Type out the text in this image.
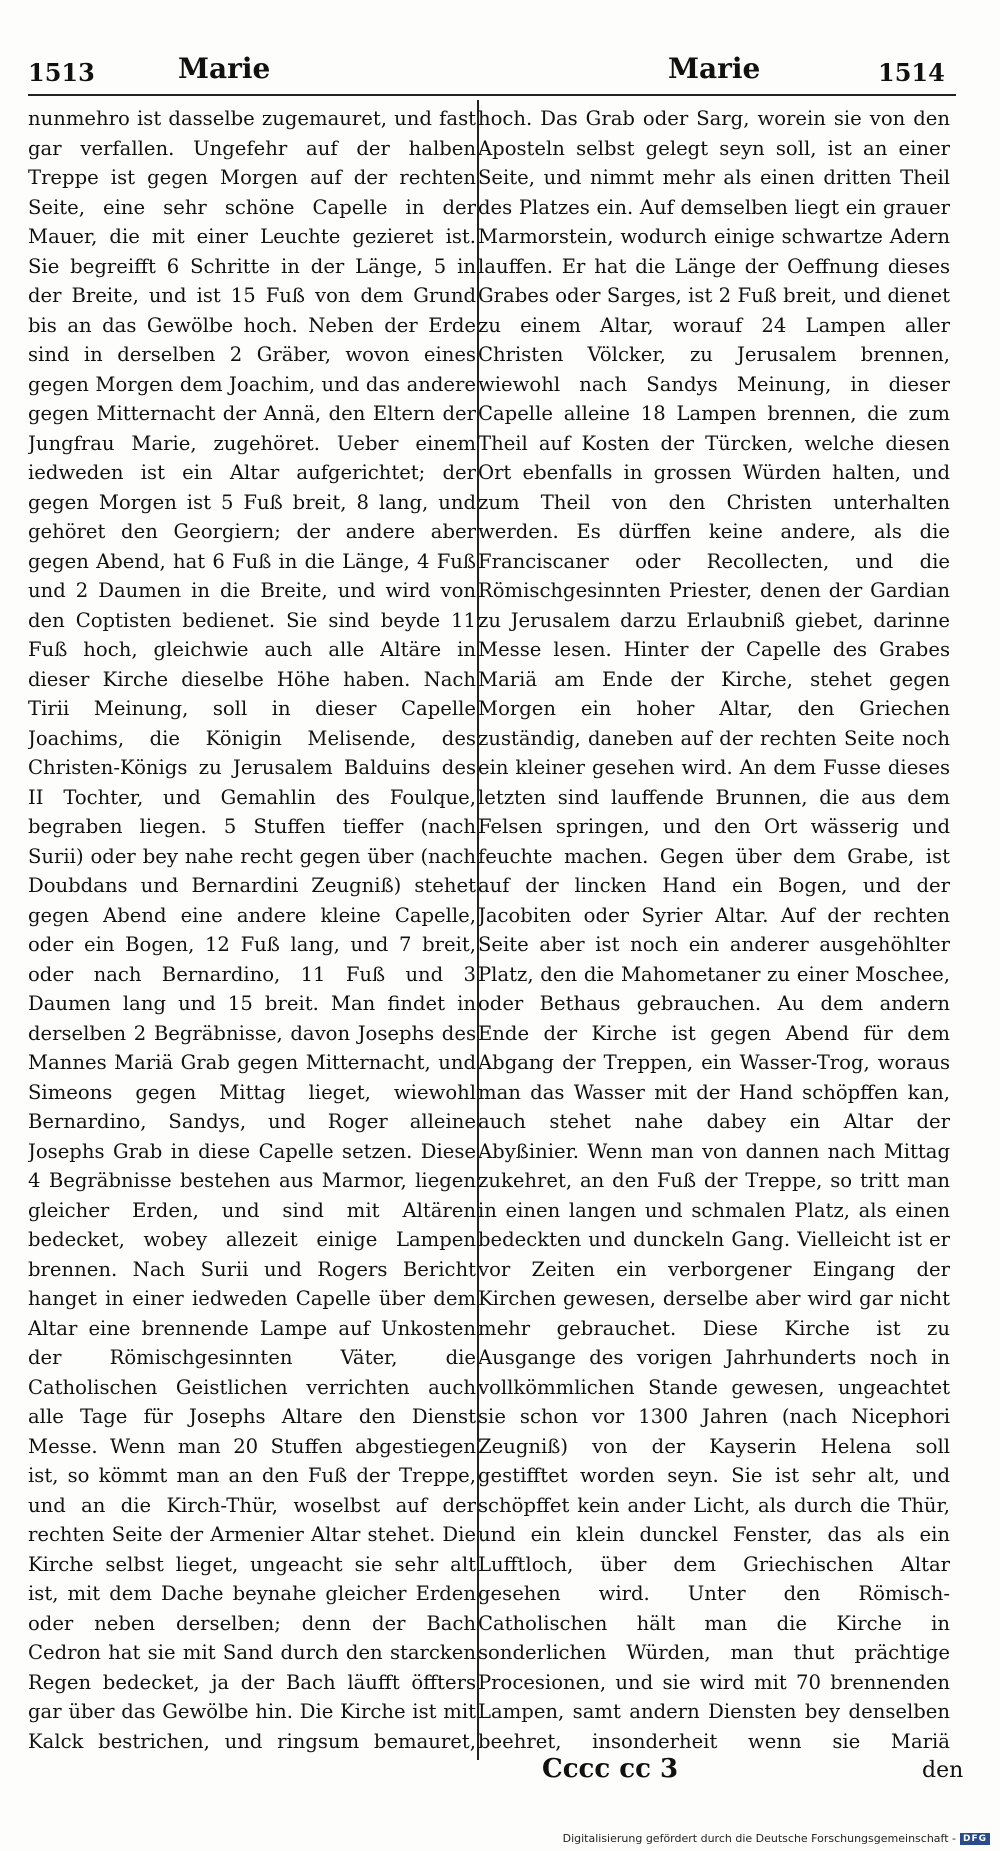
1513	Marie	Marie	1514

nunmehro ist dasselbe zugemauret, und fast gar verfallen. Ungefehr auf der halben Treppe ist gegen Morgen auf der rechten Seite, eine sehr schöne Capelle in der Mauer, die mit einer Leuchte gezieret ist. Sie begreifft 6 Schritte in der Länge, 5 in der Breite, und ist 15 Fuß von dem Grund bis an das Gewölbe hoch. Neben der Erde sind in derselben 2 Gräber, wovon eines gegen Morgen dem Joachim, und das andere gegen Mitternacht der Annä, den Eltern der Jungfrau Marie, zugehöret. Ueber einem iedweden ist ein Altar aufgerichtet; der gegen Morgen ist 5 Fuß breit, 8 lang, und gehöret den Georgiern; der andere aber gegen Abend, hat 6 Fuß in die Länge, 4 Fuß und 2 Daumen in die Breite, und wird von den Coptisten bedienet. Sie sind beyde 11 Fuß hoch, gleichwie auch alle Altäre in dieser Kirche dieselbe Höhe haben. Nach Tirii Meinung, soll in dieser Capelle Joachims, die Königin Melisende, des Christen-Königs zu Jerusalem Balduins des II Tochter, und Gemahlin des Foulque, begraben liegen. 5 Stuffen tieffer (nach Surii) oder bey nahe recht gegen über (nach Doubdans und Bernardini Zeugniß) stehet gegen Abend eine andere kleine Capelle, oder ein Bogen, 12 Fuß lang, und 7 breit, oder nach Bernardino, 11 Fuß und 3 Daumen lang und 15 breit. Man findet in derselben 2 Begräbnisse, davon Josephs des Mannes Mariä Grab gegen Mitternacht, und Simeons gegen Mittag lieget, wiewohl Bernardino, Sandys, und Roger alleine Josephs Grab in diese Capelle setzen. Diese 4 Begräbnisse bestehen aus Marmor, liegen gleicher Erden, und sind mit Altären bedecket, wobey allezeit einige Lampen brennen. Nach Surii und Rogers Bericht hanget in einer iedweden Capelle über dem Altar eine brennende Lampe auf Unkosten der Römischgesinnten Väter, die Catholischen Geistlichen verrichten auch alle Tage für Josephs Altare den Dienst Messe. Wenn man 20 Stuffen abgestiegen ist, so kömmt man an den Fuß der Treppe, und an die Kirch-Thür, woselbst auf der rechten Seite der Armenier Altar stehet. Die Kirche selbst lieget, ungeacht sie sehr alt ist, mit dem Dache beynahe gleicher Erden oder neben derselben; denn der Bach Cedron hat sie mit Sand durch den starcken Regen bedecket, ja der Bach läufft öffters gar über das Gewölbe hin. Die Kirche ist mit Kalck bestrichen, und ringsum bemauret,

hoch. Das Grab oder Sarg, worein sie von den Aposteln selbst gelegt seyn soll, ist an einer Seite, und nimmt mehr als einen dritten Theil des Platzes ein. Auf demselben liegt ein grauer Marmorstein, wodurch einige schwartze Adern lauffen. Er hat die Länge der Oeffnung dieses Grabes oder Sarges, ist 2 Fuß breit, und dienet zu einem Altar, worauf 24 Lampen aller Christen Völcker, zu Jerusalem brennen, wiewohl nach Sandys Meinung, in dieser Capelle alleine 18 Lampen brennen, die zum Theil auf Kosten der Türcken, welche diesen Ort ebenfalls in grossen Würden halten, und zum Theil von den Christen unterhalten werden. Es dürffen keine andere, als die Franciscaner oder Recollecten, und die Römischgesinnten Priester, denen der Gardian zu Jerusalem darzu Erlaubniß giebet, darinne Messe lesen. Hinter der Capelle des Grabes Mariä am Ende der Kirche, stehet gegen Morgen ein hoher Altar, den Griechen zuständig, daneben auf der rechten Seite noch ein kleiner gesehen wird. An dem Fusse dieses letzten sind lauffende Brunnen, die aus dem Felsen springen, und den Ort wässerig und feuchte machen. Gegen über dem Grabe, ist auf der lincken Hand ein Bogen, und der Jacobiten oder Syrier Altar. Auf der rechten Seite aber ist noch ein anderer ausgehöhlter Platz, den die Mahometaner zu einer Moschee, oder Bethaus gebrauchen. Au dem andern Ende der Kirche ist gegen Abend für dem Abgang der Treppen, ein Wasser-Trog, woraus man das Wasser mit der Hand schöpffen kan, auch stehet nahe dabey ein Altar der Abyßinier. Wenn man von dannen nach Mittag zukehret, an den Fuß der Treppe, so tritt man in einen langen und schmalen Platz, als einen bedeckten und dunckeln Gang. Vielleicht ist er vor Zeiten ein verborgener Eingang der Kirchen gewesen, derselbe aber wird gar nicht mehr gebrauchet. Diese Kirche ist zu Ausgange des vorigen Jahrhunderts noch in vollkömmlichen Stande gewesen, ungeachtet sie schon vor 1300 Jahren (nach Nicephori Zeugniß) von der Kayserin Helena soll gestifftet worden seyn. Sie ist sehr alt, und schöpffet kein ander Licht, als durch die Thür, und ein klein dunckel Fenster, das als ein Lufftloch, über dem Griechischen Altar gesehen wird. Unter den Römisch-Catholischen hält man die Kirche in sonderlichen Würden, man thut prächtige Procesionen, und sie wird mit 70 brennenden Lampen, samt andern Diensten bey denselben beehret, insonderheit wenn sie Mariä

Cccc cc 3	den
Digitalisierung gefördert durch die Deutsche Forschungsgemeinschaft - DFG
